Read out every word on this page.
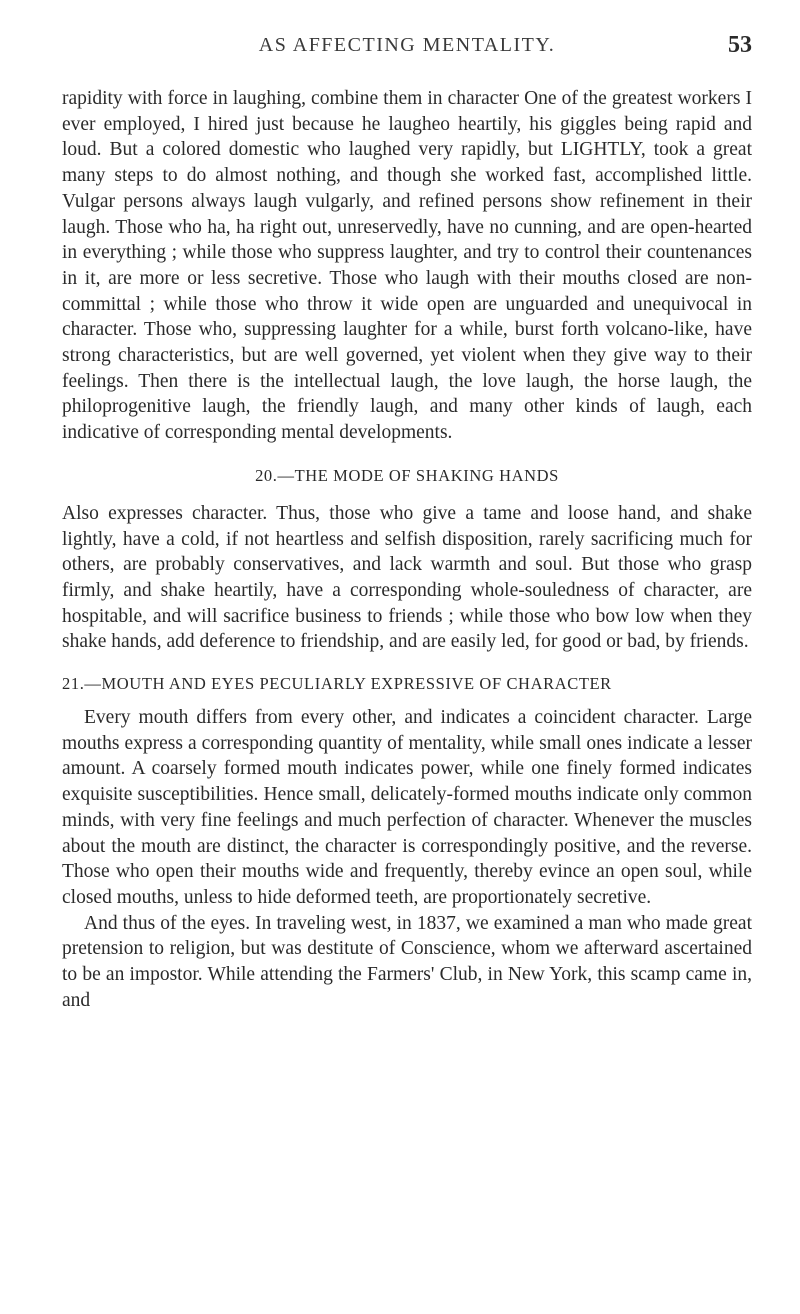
AS AFFECTING MENTALITY.	53

rapidity with force in laughing, combine them in character One of the greatest workers I ever employed, I hired just because he laugheo heartily, his giggles being rapid and loud. But a colored domestic who laughed very rapidly, but LIGHTLY, took a great many steps to do almost nothing, and though she worked fast, accomplished little. Vulgar persons always laugh vulgarly, and refined persons show refinement in their laugh. Those who ha, ha right out, unreservedly, have no cunning, and are open-hearted in everything ; while those who suppress laughter, and try to control their countenances in it, are more or less secretive. Those who laugh with their mouths closed are non-committal ; while those who throw it wide open are unguarded and unequivocal in character. Those who, suppressing laughter for a while, burst forth volcano-like, have strong characteristics, but are well governed, yet violent when they give way to their feelings. Then there is the intellectual laugh, the love laugh, the horse laugh, the philoprogenitive laugh, the friendly laugh, and many other kinds of laugh, each indicative of corresponding mental developments.

20.—THE MODE OF SHAKING HANDS

Also expresses character. Thus, those who give a tame and loose hand, and shake lightly, have a cold, if not heartless and selfish disposition, rarely sacrificing much for others, are probably conservatives, and lack warmth and soul. But those who grasp firmly, and shake heartily, have a corresponding whole-souledness of character, are hospitable, and will sacrifice business to friends ; while those who bow low when they shake hands, add deference to friendship, and are easily led, for good or bad, by friends.

21.—MOUTH AND EYES PECULIARLY EXPRESSIVE OF CHARACTER

Every mouth differs from every other, and indicates a coincident character. Large mouths express a corresponding quantity of mentality, while small ones indicate a lesser amount. A coarsely formed mouth indicates power, while one finely formed indicates exquisite susceptibilities. Hence small, delicately-formed mouths indicate only common minds, with very fine feelings and much perfection of character. Whenever the muscles about the mouth are distinct, the character is correspondingly positive, and the reverse. Those who open their mouths wide and frequently, thereby evince an open soul, while closed mouths, unless to hide deformed teeth, are proportionately secretive.

And thus of the eyes. In traveling west, in 1837, we examined a man who made great pretension to religion, but was destitute of Conscience, whom we afterward ascertained to be an impostor. While attending the Farmers' Club, in New York, this scamp came in, and
